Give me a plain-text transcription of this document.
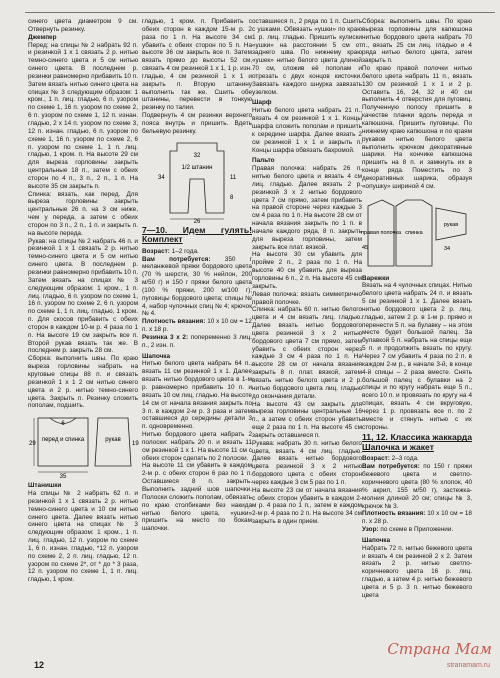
синего цвета диаметром 9 см. Отвернуть резинку.

Джемпер

Перед: на спицы № 2 набрать 92 п. и резинкой 1 х 1 связать 2 р. нитью темно-синего цвета и 5 см нитью синего цвета. В последнем р. резинки равномерно прибавить 10 п. Затем вязать нитью синего цвета на спицах № 3 следующим образом: 1 кром., 1 п. лиц. гладью, 6 п. узором по схеме 1, 16 п. узором по схеме 2, 6 п. узором по схеме 1, 12 п. изнан. гладью, 2 х 14 п. узором по схеме 3, 12 п. изнан. гладью, 6 п. узором по схеме 1, 16 п. узором по схеме 2, 6 п. узором по схеме 1, 1 п. лиц. гладью, 1 кром. п. На высоте 29 см для выреза горловины закрыть центральные 18 п., затем с обеих сторон по 4 п., 3 п., 2 п., 1 п. На высоте 35 см закрыть п.

Спинка: вязать, как перед. Для выреза горловины закрыть центральные 26 п. на 3 см ниже, чем у переда, а затем с обеих сторон по 3 п., 2 п., 1 п. и закрыть п. на высоте переда.

Рукав: на спицы № 2 набрать 46 п. и резинкой 1 х 1 связать 2 р. нитью темно-синего цвета и 5 см нитью синего цвета. В последнем р. резинки равномерно прибавить 10 п. Затем вязать на спицах № 3 следующим образом: 1 кром., 1 п. лиц. гладью, 6 п. узором по схеме 1, 16 п. узором по схеме 2, 6 п. узором по схеме 1, 1 п. лиц. гладью, 1 кром. п. Для скосов прибавить с обеих сторон в каждом 10-м р. 4 раза по 1 п. На высоте 19 см закрыть все п. Второй рукав вязать так же. В последнем р. закрыть 28 см.

Сборка: выполнить швы. По краю выреза горловины набрать на круговые спицы 88 п. и связать резинкой 1 х 1 2 см нитью синего цвета и 2 р. нитью темно-синего цвета. Закрыть п. Резинку сложить пополам, подшить.

перед и спинка	рукав
35
29
6
19
Штанишки

На спицы № 2 набрать 62 п. и резинкой 1 х 1 связать 2 р. нитью темно-синего цвета и 10 см нитью синего цвета. Далее вязать нитью синего цвета на спицах № 3 следующим образом: 1 кром., 1 п. лиц. гладью, 12 п. узором по схеме 1, 6 п. изнан. гладью, *12 п. узором по схеме 2, 2 п. лиц. гладью, 12 п. узором по схеме 2*, от * до * 3 раза, 12 п. узором по схеме 1, 1 п. лиц. гладью, 1 кром.

гладью, 1 кром. п. Прибавить с обеих сторон в каждом 15-м р. 2 раза по 1 п. На высоте 34 см убавить с обеих сторон по 5 п. На высоте 36 см закрыть все п. Затем вязать прямо до высоты 52 см, связать 4 см резинкой 1 х 1, 1 р. изн. гладью, 4 см резинкой 1 х 1 и закрыть п. Вторую штанину выполнить так же. Сшить обе штанины, перевести в тонкую резинку по талии.

Подвернуть 4 см резинки верхнего пояса внутрь и пришить. Вдеть бельевую резинку.

1/2 штанин
32
11
34
8
26
7—10. Идем гулять! Комплект

Возраст: 1–2 года.

Вам потребуется: 350 г меланжевой пряжи бордового цвета (70 % шерсти, 30 % нейлон, 200 м/50 г) и 150 г пряжи белого цвета (100 % пряжи, 200 м/100 г); пуговицы бордового цвета; спицы № 4, набор чулочных спиц № 4; крючок № 4.

Плотность вязания: 10 х 10 см = 12 п. х 18 р.

Резинка 3 х 2: попеременно 3 лиц. п., 2 изн. п.

Шапочка

Нитью белого цвета набрать 64 п., вязать 11 см резинкой 1 х 1. Далее вязать нитью бордового цвета в 1-м р. равномерно прибавить 10 п. и вязать 10 см лиц. гладью. На высоте 14 см от начала вязания закрыть по 3 п. в каждом 2-м р. 3 раза и затем оставшиеся до середины детали 3 п. одновременно.

Нитью бордового цвета набрать 2 полоски: набрать 20 п. и вязать 11 см резинкой 1 х 1. На высоте 11 см с обеих сторон сделать по 2 полоски.

На высоте 11 см убавить в каждом 2-м р. с обеих сторон 6 раз по 1 п. Оставшиеся 8 п. закрыть. Выполнить задний шов шапочки. Полоски сложить пополам, обвязать по краю столбиками без накида нитью белого цвета, «ушки» пришить на место по бокам шапочки.

оставшиеся п., 2 ряда по 1 п. Сшить с ушками. Обвязать «ушки» по краю 1 р. лиц. гладью. Пришить кулиски «ушки» на расстоянии 5 см от заднего шва. По нижнему краю «ушек» нитью белого цвета длиной 70 см, сложив её пополам и отрезать с двух концов кисточки. Завязать каждого шнурка завязать узелком.

Шарф

Нитью белого цвета набрать 21 п., вязать 4 см резинкой 1 х 1. Концы шарфа сложить пополам и пришить к середине шарфа. Далее вязать 2 см резинкой 1 х 1 и закрыть п. Концы шарфа обвязать бахромой.

Пальто

Правая полочка: набрать 26 п. нитью белого цвета и вязать 4 см лиц. гладью. Далее вязать 2 р. резинкой 3 х 2 нитью бордового цвета 7 см прямо, затем прибавить на правой стороне через каждые 3 см 4 раза по 1 п. На высоте 28 см от начала вязания закрыть по 1 п. в начале каждого ряда, 8 п. закрыть для выреза горловины, затем закрыть все плат. вязкой.

На высоте 30 см убавить для пройме 2 п., 2 раза по 1 п. На высоте 40 см убавить для выреза горловины 6 п., 2 п. На высоте 45 см закрыть.

Левая полочка: вязать симметрично правой полочке.

Спинка: набрать 60 п. нитью белого цвета и 4 см вязать лиц. гладью. Далее вязать нитью бордового цвета резинкой 3 х 2 нитью бордового цвета 7 см прямо, затем убавить с обеих сторон через каждые 3 см 4 раза по 1 п. На высоте 28 см от начала вязания закрыть 8 п. плат. вязкой, затем вязать нитью белого цвета и 2 р. нитью бордового цвета лиц. гладью до окончания детали.

На высоте 43 см закрыть для выреза горловины центральные 16 п., а затем с обеих сторон убавить еще 2 раза по 1 п. На высоте 45 см закрыть оставшиеся п.

Рукава: набрать 30 п. нитью белого цвета, вязать 4 см лиц. гладью. Далее вязать нитью бордового цвета резинкой 3 х 2 нитью бордового цвета с обеих сторон через каждые 3 см 5 раз по 1 п.

На высоте 23 см от начала вязания с обеих сторон убавить в каждом 2-м р. 4 раза по 1 п., затем в каждом 2-м р. 4 раза по 2 п. На высоте 34 см закрыть в один прием.

Сборка: выполнить швы. По краю выреза горловины для капюшона нитью бордового цвета набрать 70 п., вязать 25 см лиц. гладью и 4 ряда нитью белого цвета, затем закрыть п.

По краю правой полочки нитью белого цвета набрать 11 п., вязать 130 см резинкой 1 х 1 и 2 р. Оставить 16, 24, 32 и 40 см выполнить 4 отверстия для пуговиц. Полученную полосу пришить в качестве планки вдоль переда и капюшона. Пришить пуговицы. По нижнему краю капюшона и по краям рукавов нитью белого цвета выполнить крючком декоративные шарики. На кончике капюшона пришить на 8 п. и замкнуть их в конце ряда. Поместить по 3 декоративных шарика, образуя «опушку» шириной 4 см.

правая полочка спинка
рукав
45	34
Варежки

Вязать на 4 чулочных спицах. Нитью белого цвета набрать 24 п. и вязать 5 см резинкой 1 х 1. Далее вязать нитью бордового цвета 2 р. лиц. гладью, затем 2 р. в 1-м р. прямо и перенести 5 п. на булавку – на этом месте будет большой палец. За булавкой 5 п. набрать на спицы еще 5 п. и продолжить вязать по кругу. Через 7 см убавить 4 раза по 2 п. в каждом 2-м р., в начале 3-й, в конце 4-й спицы – 2 раза вместе. Снять большой палец с булавки на 2 спицы и по кругу набрать еще 5 п., всего 10 п. и провязать по кругу на 4 спицах, вязать 4 см вкруговую, через 1 р. провязать все п. по 2 вместе и стянуть нитью с их стороны.

11, 12. Классика жаккарда Шапочка и жакет

Возраст: 2–3 года.

Вам потребуется: по 150 г пряжи бежевого цвета и светло-коричневого цвета (80 % хлопок, 40 % акрил, 155 м/50 г), застежка-молния длиной 20 см; спицы № 3, крючок № 3.

Плотность вязания: 10 х 10 см = 18 п. х 28 р.

Узор: по схеме в Приложении.

Шапочка

Набрать 72 п. нитью бежевого цвета и вязать 4 см резинкой 2 х 2. Затем вязать 2 р. нитью светло-коричневого цвета 16 р. лиц. гладью, а затем 4 р. нитью бежевого цвета и 5 р. 3 п. нитью бежевого цвета

12
Страна Мам
stranamam.ru
